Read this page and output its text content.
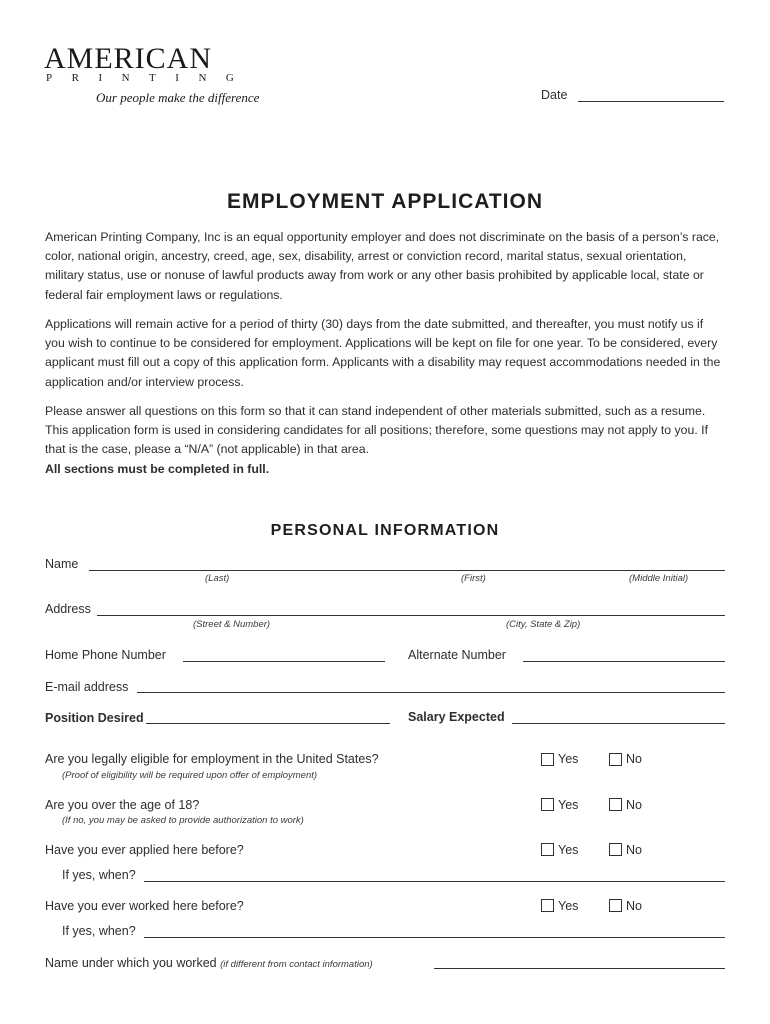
AMERICAN
PRINTING
Our people make the difference	Date
EMPLOYMENT APPLICATION

American Printing Company, Inc is an equal opportunity employer and does not discriminate on the basis of a person’s race, color, national origin, ancestry, creed, age, sex, disability, arrest or conviction record, marital status, sexual orientation, military status, use or nonuse of lawful products away from work or any other basis prohibited by applicable local, state or federal fair employment laws or regulations.

Applications will remain active for a period of thirty (30) days from the date submitted, and thereafter, you must notify us if you wish to continue to be considered for employment. Applications will be kept on file for one year. To be considered, every applicant must fill out a copy of this application form. Applicants with a disability may request accommodations needed in the application and/or interview process.

Please answer all questions on this form so that it can stand independent of other materials submitted, such as a resume. This application form is used in considering candidates for all positions; therefore, some questions may not apply to you. If that is the case, please a “N/A” (not applicable) in that area.
All sections must be completed in full.

PERSONAL INFORMATION
Name
(Last)	(First)	(Middle Initial)
Address
(Street & Number)	(City, State & Zip)
Home Phone Number	Alternate Number
E-mail address
Position Desired	Salary Expected
Are you legally eligible for employment in the United States?
(Proof of eligibility will be required upon offer of employment)
Yes	No
Are you over the age of 18?
(If no, you may be asked to provide authorization to work)
Yes	No
Have you ever applied here before?	Yes	No
If yes, when?
Have you ever worked here before?	Yes	No
If yes, when?
Name under which you worked (if different from contact information)
